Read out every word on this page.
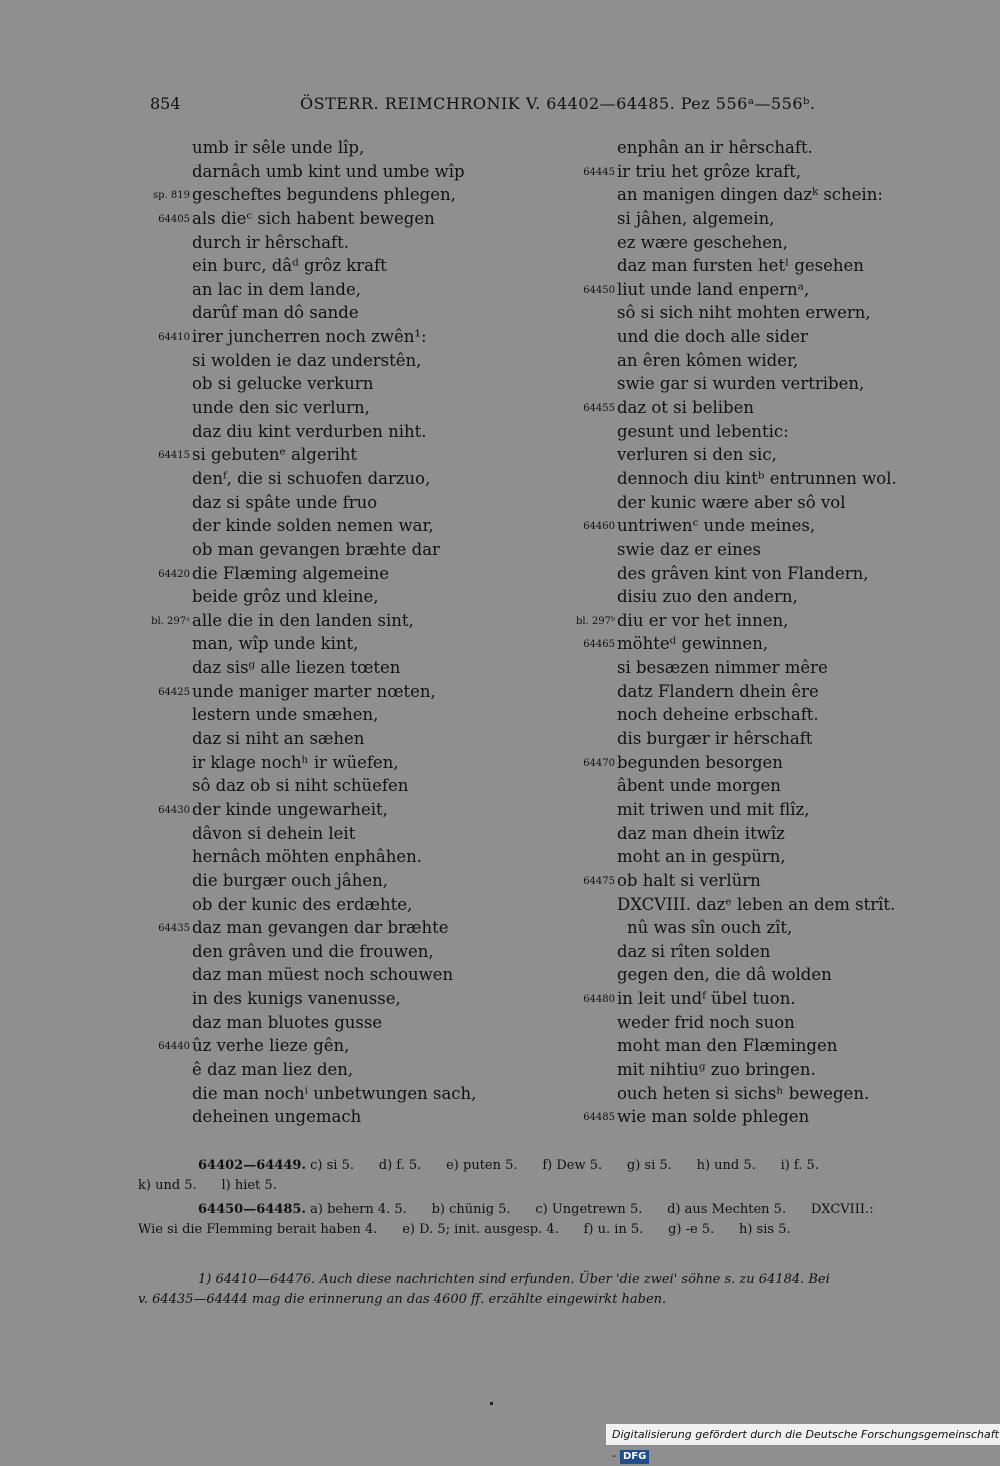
854	ÖSTERR. REIMCHRONIK V. 64402—64485. Pez 556ᵃ—556ᵇ.
umb ir sêle unde lîp,
darnâch umb kint und umbe wîp
sp. 819 gescheftes begundens phlegen,
64405 als dieᶜ sich habent bewegen
durch ir hêrschaft.
ein burc, dâᵈ grôz kraft
an lac in dem lande,
darûf man dô sande
64410 irer juncherren noch zwên¹:
si wolden ie daz understên,
ob si gelucke verkurn
unde den sic verlurn,
daz diu kint verdurben niht.
64415 si gebutenᵉ algeriht
denᶠ, die si schuofen darzuo,
daz si spâte unde fruo
der kinde solden nemen war,
ob man gevangen bræhte dar
64420 die Flæming algemeine
beide grôz und kleine,
bl. 297ᵃ alle die in den landen sint,
man, wîp unde kint,
daz sisᵍ alle liezen tœten
64425 unde maniger marter nœten,
lestern unde smæhen,
daz si niht an sæhen
ir klage nochʰ ir wüefen,
sô daz ob si niht schüefen
64430 der kinde ungewarheit,
dâvon si dehein leit
hernâch möhten enphâhen.
die burgær ouch jâhen,
ob der kunic des erdæhte,
64435 daz man gevangen dar bræhte
den grâven und die frouwen,
daz man müest noch schouwen
in des kunigs vanenusse,
daz man bluotes gusse
64440 ûz verhe lieze gên,
ê daz man liez den,
die man nochⁱ unbetwungen sach,
deheinen ungemach
enphân an ir hêrschaft.
64445 ir triu het grôze kraft,
an manigen dingen dazᵏ schein:
si jâhen, algemein,
ez wære geschehen,
daz man fursten hetˡ gesehen
64450 liut unde land enpernᵃ,
sô si sich niht mohten erwern,
und die doch alle sider
an êren kômen wider,
swie gar si wurden vertriben,
64455 daz ot si beliben
gesunt und lebentic:
verluren si den sic,
dennoch diu kintᵇ entrunnen wol.
der kunic wære aber sô vol
64460 untriwenᶜ unde meines,
swie daz er eines
des grâven kint von Flandern,
disiu zuo den andern,
bl. 297ᵇ diu er vor het innen,
64465 möhteᵈ gewinnen,
si besæzen nimmer mêre
datz Flandern dhein êre
noch deheine erbschaft.
dis burgær ir hêrschaft
64470 begunden besorgen
âbent unde morgen
mit triwen und mit flîz,
daz man dhein itwîz
moht an in gespürn,
64475 ob halt si verlürn
DXCVIII. dazᵉ leben an dem strît.
nû was sîn ouch zît,
daz si rîten solden
gegen den, die dâ wolden
64480 in leit undᶠ übel tuon.
weder frid noch suon
moht man den Flæmingen
mit nihtiuᵍ zuo bringen.
ouch heten si sichsʰ bewegen.
64485 wie man solde phlegen
64402—64449. c) si 5.      d) f. 5.      e) puten 5.      f) Dew 5.      g) si 5.      h) und 5.      i) f. 5.
k) und 5.      l) hiet 5.
64450—64485. a) behern 4. 5.      b) chünig 5.      c) Ungetrewn 5.      d) aus Mechten 5.      DXCVIII.:
Wie si die Flemming berait haben 4.      e) D. 5; init. ausgesp. 4.      f) u. in 5.      g) -e 5.      h) sis 5.
1) 64410—64476. Auch diese nachrichten sind erfunden. Über 'die zwei' söhne s. zu 64184. Bei
v. 64435—64444 mag die erinnerung an das 4600 ff. erzählte eingewirkt haben.
Digitalisierung gefördert durch die Deutsche Forschungsgemeinschaft - DFG
